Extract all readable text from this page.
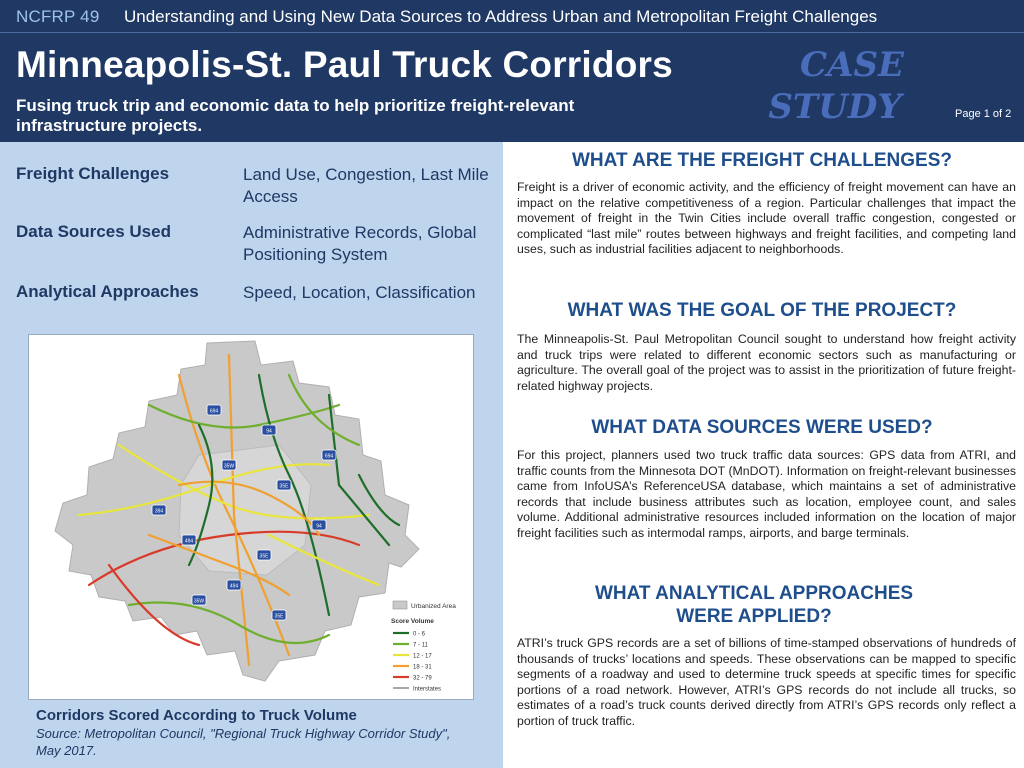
NCFRP 49 Understanding and Using New Data Sources to Address Urban and Metropolitan Freight Challenges
Minneapolis-St. Paul Truck Corridors
Fusing truck trip and economic data to help prioritize freight-relevant infrastructure projects.
CASE
STUDY	Page 1 of 2
Freight Challenges	Land Use, Congestion, Last Mile Access
Data Sources Used	Administrative Records, Global Positioning System
Analytical Approaches	Speed, Location, Classification
694
94
35W
35E
494
94
35E
494
35W
35E
394
694
Urbanized Area
Score Volume
0 - 6
7 - 11
12 - 17
18 - 31
32 - 79
Interstates
Corridors Scored According to Truck Volume
Source: Metropolitan Council, "Regional Truck Highway Corridor Study", May 2017.
WHAT ARE THE FREIGHT CHALLENGES?
Freight is a driver of economic activity, and the efficiency of freight movement can have an impact on the relative competitiveness of a region. Particular challenges that impact the movement of freight in the Twin Cities include overall traffic congestion, congested or complicated “last mile” routes between highways and freight facilities, and competing land uses, such as industrial facilities adjacent to neighborhoods.
WHAT WAS THE GOAL OF THE PROJECT?
The Minneapolis-St. Paul Metropolitan Council sought to understand how freight activity and truck trips were related to different economic sectors such as manufacturing or agriculture. The overall goal of the project was to assist in the prioritization of future freight-related highway projects.
WHAT DATA SOURCES WERE USED?
For this project, planners used two truck traffic data sources: GPS data from ATRI, and traffic counts from the Minnesota DOT (MnDOT). Information on freight-relevant businesses came from InfoUSA’s ReferenceUSA database, which maintains a set of administrative records that include business attributes such as location, employee count, and sales volume. Additional administrative resources included information on the location of major freight facilities such as intermodal ramps, airports, and barge terminals.
WHAT ANALYTICAL APPROACHES
WERE APPLIED?
ATRI’s truck GPS records are a set of billions of time-stamped observations of hundreds of thousands of trucks’ locations and speeds. These observations can be mapped to specific segments of a roadway and used to determine truck speeds at specific times for specific portions of a road network. However, ATRI’s GPS records do not include all trucks, so estimates of a road’s truck counts derived directly from ATRI’s GPS records only reflect a portion of truck traffic.
